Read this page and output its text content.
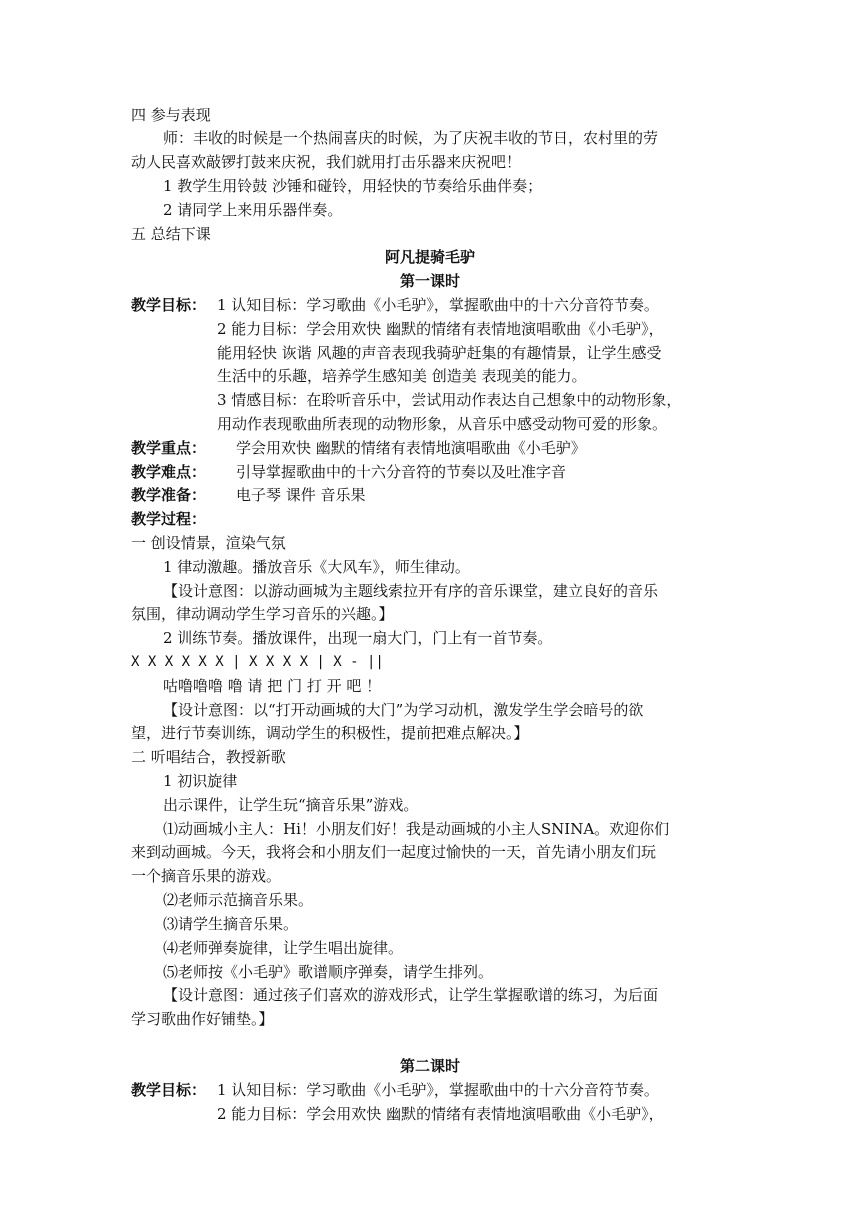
四 参与表现
师：丰收的时候是一个热闹喜庆的时候，为了庆祝丰收的节日，农村里的劳
动人民喜欢敲锣打鼓来庆祝，我们就用打击乐器来庆祝吧！
1 教学生用铃鼓 沙锤和碰铃，用轻快的节奏给乐曲伴奏；
2 请同学上来用乐器伴奏。
五 总结下课
阿凡提骑毛驴
第一课时
教学目标： 1 认知目标：学习歌曲《小毛驴》，掌握歌曲中的十六分音符节奏。
2 能力目标：学会用欢快 幽默的情绪有表情地演唱歌曲《小毛驴》，
能用轻快 诙谐 风趣的声音表现我骑驴赶集的有趣情景，让学生感受
生活中的乐趣，培养学生感知美 创造美 表现美的能力。
3 情感目标：在聆听音乐中，尝试用动作表达自己想象中的动物形象，
用动作表现歌曲所表现的动物形象，从音乐中感受动物可爱的形象。
教学重点： 学会用欢快 幽默的情绪有表情地演唱歌曲《小毛驴》
教学难点： 引导掌握歌曲中的十六分音符的节奏以及吐准字音
教学准备： 电子琴 课件 音乐果
教学过程：
一 创设情景，渲染气氛
1 律动激趣。播放音乐《大风车》，师生律动。
【设计意图：以游动画城为主题线索拉开有序的音乐课堂，建立良好的音乐
氛围，律动调动学生学习音乐的兴趣。】
2 训练节奏。播放课件，出现一扇大门，门上有一首节奏。
X X X X X X | X X X X | X - ||
咕噜噜噜 噜 请 把 门 打 开 吧 ！
【设计意图：以“打开动画城的大门”为学习动机，激发学生学会暗号的欲
望，进行节奏训练，调动学生的积极性，提前把难点解决。】
二 听唱结合，教授新歌
1 初识旋律
出示课件，让学生玩“摘音乐果”游戏。
⑴动画城小主人：Hi！小朋友们好！我是动画城的小主人SNINA。欢迎你们
来到动画城。今天，我将会和小朋友们一起度过愉快的一天，首先请小朋友们玩
一个摘音乐果的游戏。
⑵老师示范摘音乐果。
⑶请学生摘音乐果。
⑷老师弹奏旋律，让学生唱出旋律。
⑸老师按《小毛驴》歌谱顺序弹奏，请学生排列。
【设计意图：通过孩子们喜欢的游戏形式，让学生掌握歌谱的练习，为后面
学习歌曲作好铺垫。】
第二课时
教学目标： 1 认知目标：学习歌曲《小毛驴》，掌握歌曲中的十六分音符节奏。
2 能力目标：学会用欢快 幽默的情绪有表情地演唱歌曲《小毛驴》，
